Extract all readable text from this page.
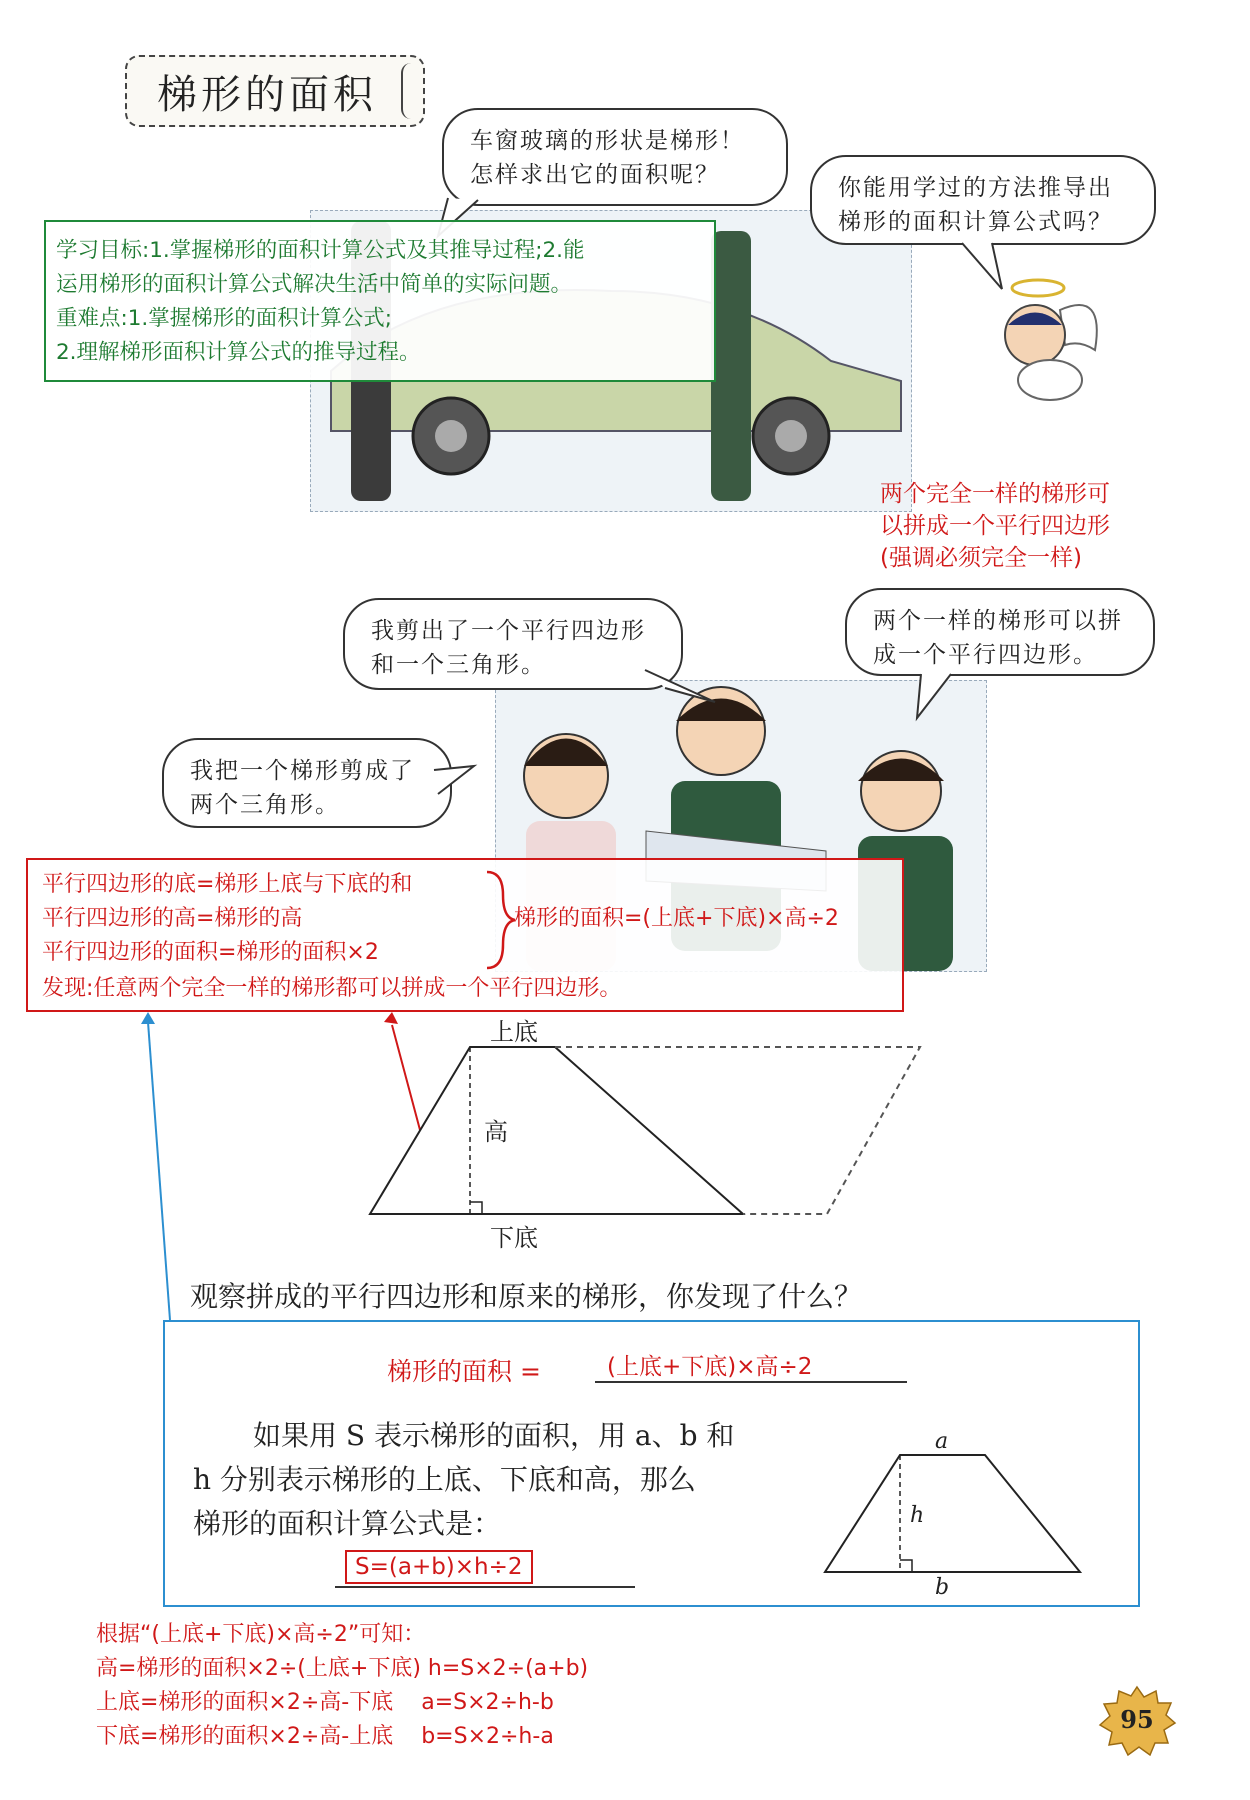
梯形的面积
车窗玻璃的形状是梯形！怎样求出它的面积呢？	你能用学过的方法推导出梯形的面积计算公式吗？
我剪出了一个平行四边形和一个三角形。
我把一个梯形剪成了两个三角形。
两个一样的梯形可以拼成一个平行四边形。
学习目标:1.掌握梯形的面积计算公式及其推导过程;2.能
运用梯形的面积计算公式解决生活中简单的实际问题。
重难点:1.掌握梯形的面积计算公式;
2.理解梯形面积计算公式的推导过程。
两个完全一样的梯形可
以拼成一个平行四边形
(强调必须完全一样)
平行四边形的底=梯形上底与下底的和
平行四边形的高=梯形的高
平行四边形的面积=梯形的面积×2
梯形的面积=(上底+下底)×高÷2
发现:任意两个完全一样的梯形都可以拼成一个平行四边形。
上底
高
下底
观察拼成的平行四边形和原来的梯形，你发现了什么？
梯形的面积 =	(上底+下底)×高÷2
如果用 S 表示梯形的面积，用 a、b 和
h 分别表示梯形的上底、下底和高，那么
梯形的面积计算公式是：
S=(a+b)×h÷2
a
h
b
根据“(上底+下底)×高÷2”可知：
高=梯形的面积×2÷(上底+下底) h=S×2÷(a+b)
上底=梯形的面积×2÷高-下底    a=S×2÷h-b
下底=梯形的面积×2÷高-上底    b=S×2÷h-a
95
